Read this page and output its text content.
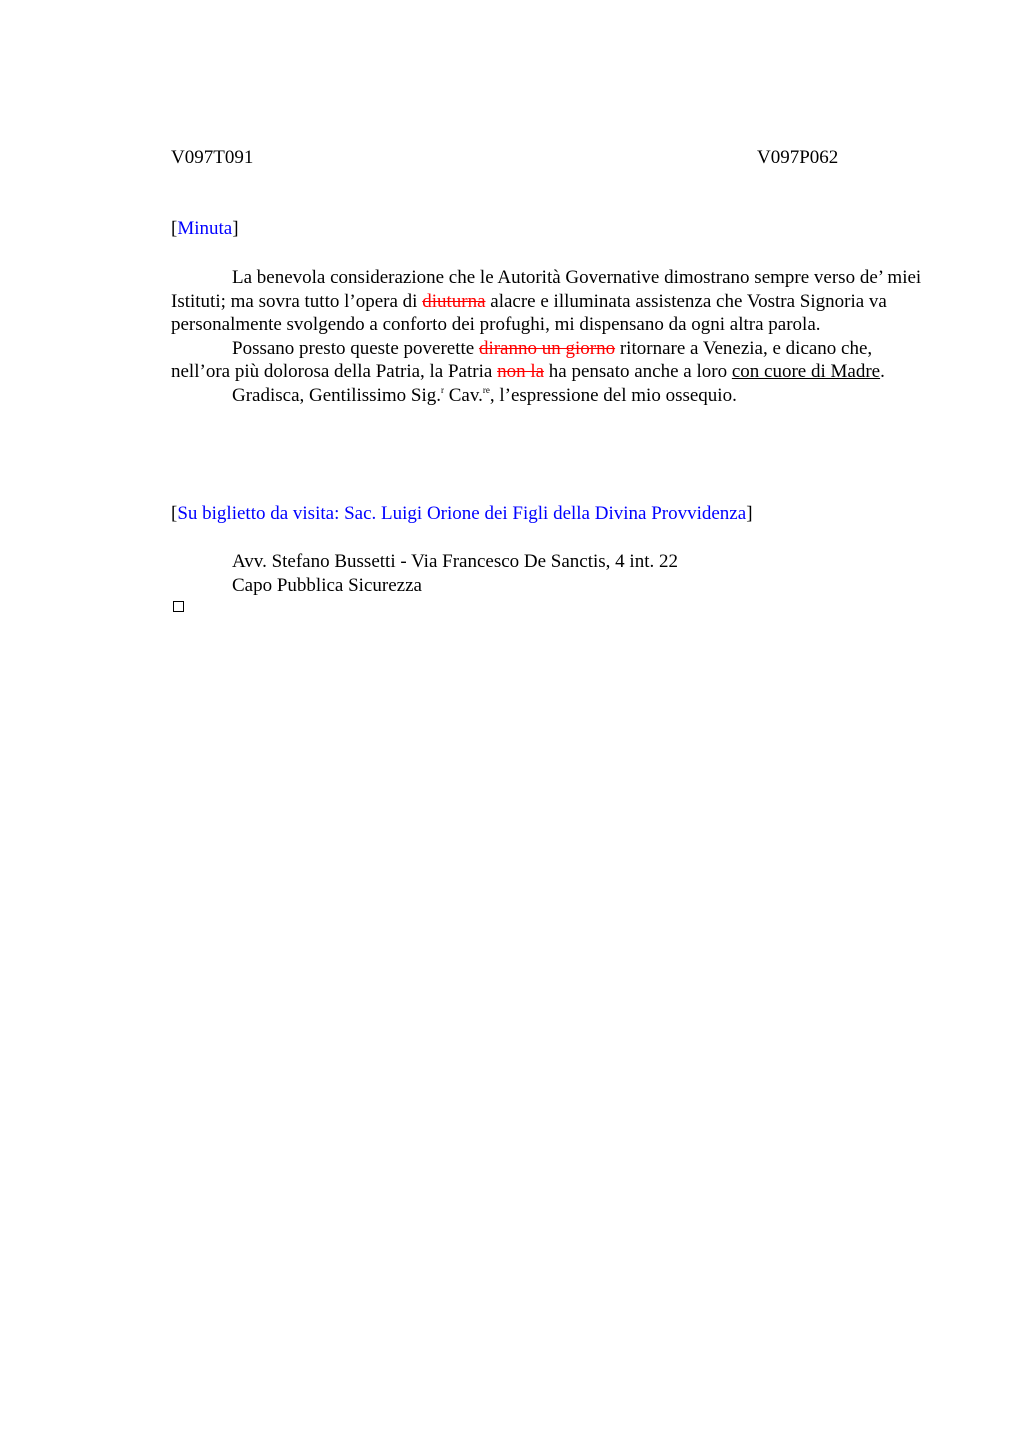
V097T091	V097P062
[Minuta]

La benevola considerazione che le Autorità Governative dimostrano sempre verso de’ miei Istituti; ma sovra tutto l’opera di diuturna alacre e illuminata assistenza che Vostra Signoria va personalmente svolgendo a conforto dei profughi, mi dispensano da ogni altra parola.

Possano presto queste poverette diranno un giorno ritornare a Venezia, e dicano che, nell’ora più dolorosa della Patria, la Patria non la ha pensato anche a loro con cuore di Madre.

Gradisca, Gentilissimo Sig.$^r$ Cav.$^{re}$, l’espressione del mio ossequio.

[Su biglietto da visita: Sac. Luigi Orione dei Figli della Divina Provvidenza]
Avv. Stefano Bussetti - Via Francesco De Sanctis, 4 int. 22
Capo Pubblica Sicurezza
